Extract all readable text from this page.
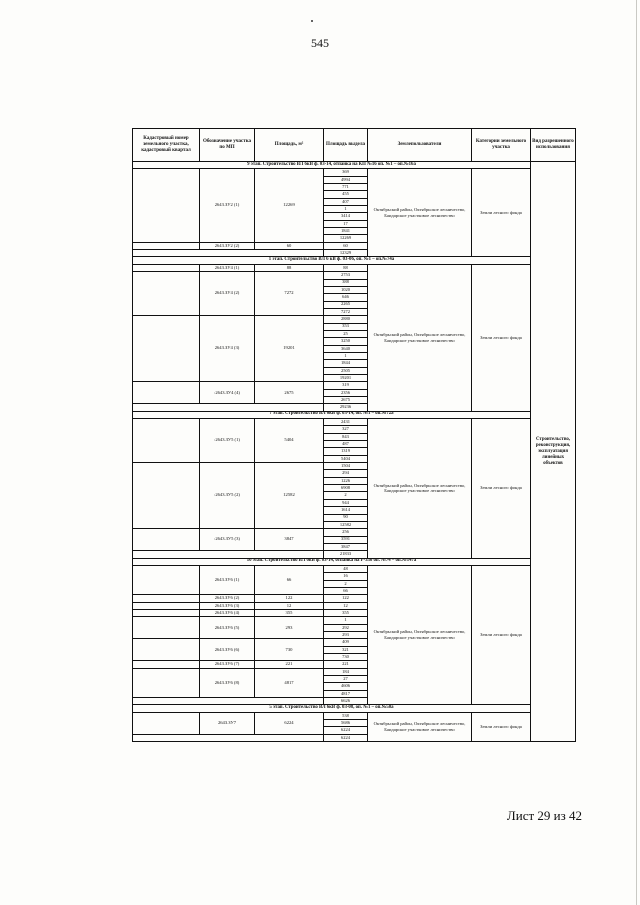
545
Кадастровый номер земельного участка, кадастровый квартал	Обозначение участка по МП	Площадь, м²	Площадь выдела	Землепользователи	Категории земельного участка	Вид разрешенного использования
9 этап. Строительство ВЛ 6кВ ф. 03-14, отпайка на КП №16 оп. №1 – оп.№16а						Строительство, реконструкция, эксплуатация линейных объектов
	2643.ЗУ2 (1)	12269	369	Октябрьский район, Октябрьское лесничество, Баидарское участковое лесничество	Земли лесного фонда	
			4994			
			771			
			455			
			407			
			1			
			3414			
			17			
			1841			
			12269			
	2643.ЗУ2 (2)	60	60			
			12329			
1 этап. Строительство ВЛ 6 кВ ф. 03-06, оп. №1 – оп.№74а						
	2643.ЗУ4 (1)	88	88	Октябрьский район, Октябрьское лесничество, Баидарское участковое лесничество	Земли лесного фонда	
	2643.ЗУ4 (2)	7272	2753			
			388			
			1020			
			646			
			2265			
			7272			
	2643.ЗУ4 (3)	19201	2880			
			353			
			25			
			3250			
			3640			
			1			
			1844			
			2505			
			19201			
	:2643.ЗУ4 (4)	2675	319			
			2356			
			2675			
			29236			
7 этап. Строительство ВЛ 6кВ ф. 03-14, оп. №1 – оп.№72а						
	:2643.ЗУ5 (1)	5404	2431	Октябрьский район, Октябрьское лесничество, Баидарское участковое лесничество	Земли лесного фонда	
			327			
			843			
			487			
			1319			
			5404			
	:2643.ЗУ5 (2)	12582	1504			
			294			
			1226			
			6908			
			2			
			944			
			1614			
			90			
			12582			
	:2643.ЗУ5 (3)	3847	256			
			3591			
			3847			
			21833			
10 этап. Строительство ВЛ 6кВ ф. 03-14, отпайка на Р-356 оп. №74 – оп.№147а						
	2643.ЗУ6 (1)	66	48	Октябрьский район, Октябрьское лесничество, Баидарское участковое лесничество	Земли лесного фонда	
			16			
			2			
			66			
	2643.ЗУ6 (2)	122	122			
	2643.ЗУ6 (3)	12	12			
	2643.ЗУ6 (4)	355	355			
	2643.ЗУ6 (5)	293	1			
			292			
			293			
	2643.ЗУ6 (6)	730	409			
			321			
			730			
	2643.ЗУ6 (7)	221	221			
	2643.ЗУ6 (8)	4817	184			
			27			
			4606			
			4817			
			6626			
5 этап. Строительство ВЛ 6кВ ф. 03-08, оп. №1 – оп.№50а						
	2643.ЗУ7	6224	538	Октябрьский район, Октябрьское лесничество, Баидарское участковое лесничество	Земли лесного фонда	
			5686			
			6224			
			6224			
Лист 29 из 42
